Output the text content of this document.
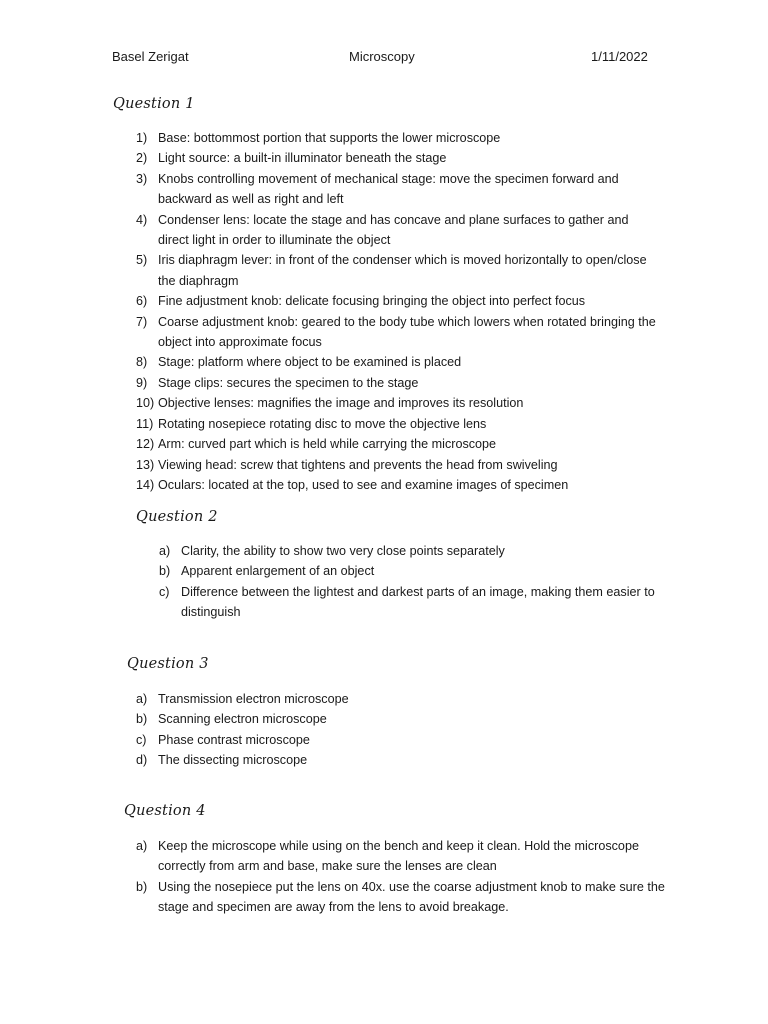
Basel Zerigat	Microscopy	1/11/2022
Question 1
1) Base: bottommost portion that supports the lower microscope
2) Light source: a built-in illuminator beneath the stage
3) Knobs controlling movement of mechanical stage: move the specimen forward and backward as well as right and left
4) Condenser lens: locate the stage and has concave and plane surfaces to gather and direct light in order to illuminate the object
5) Iris diaphragm lever: in front of the condenser which is moved horizontally to open/close the diaphragm
6) Fine adjustment knob: delicate focusing bringing the object into perfect focus
7) Coarse adjustment knob: geared to the body tube which lowers when rotated bringing the object into approximate focus
8) Stage: platform where object to be examined is placed
9) Stage clips: secures the specimen to the stage
10) Objective lenses: magnifies the image and improves its resolution
11) Rotating nosepiece rotating disc to move the objective lens
12) Arm: curved part which is held while carrying the microscope
13) Viewing head: screw that tightens and prevents the head from swiveling
14) Oculars: located at the top, used to see and examine images of specimen
Question 2
a) Clarity, the ability to show two very close points separately
b) Apparent enlargement of an object
c) Difference between the lightest and darkest parts of an image, making them easier to distinguish
Question 3
a) Transmission electron microscope
b) Scanning electron microscope
c) Phase contrast microscope
d) The dissecting microscope
Question 4
a) Keep the microscope while using on the bench and keep it clean. Hold the microscope correctly from arm and base, make sure the lenses are clean
b) Using the nosepiece put the lens on 40x. use the coarse adjustment knob to make sure the stage and specimen are away from the lens to avoid breakage.
